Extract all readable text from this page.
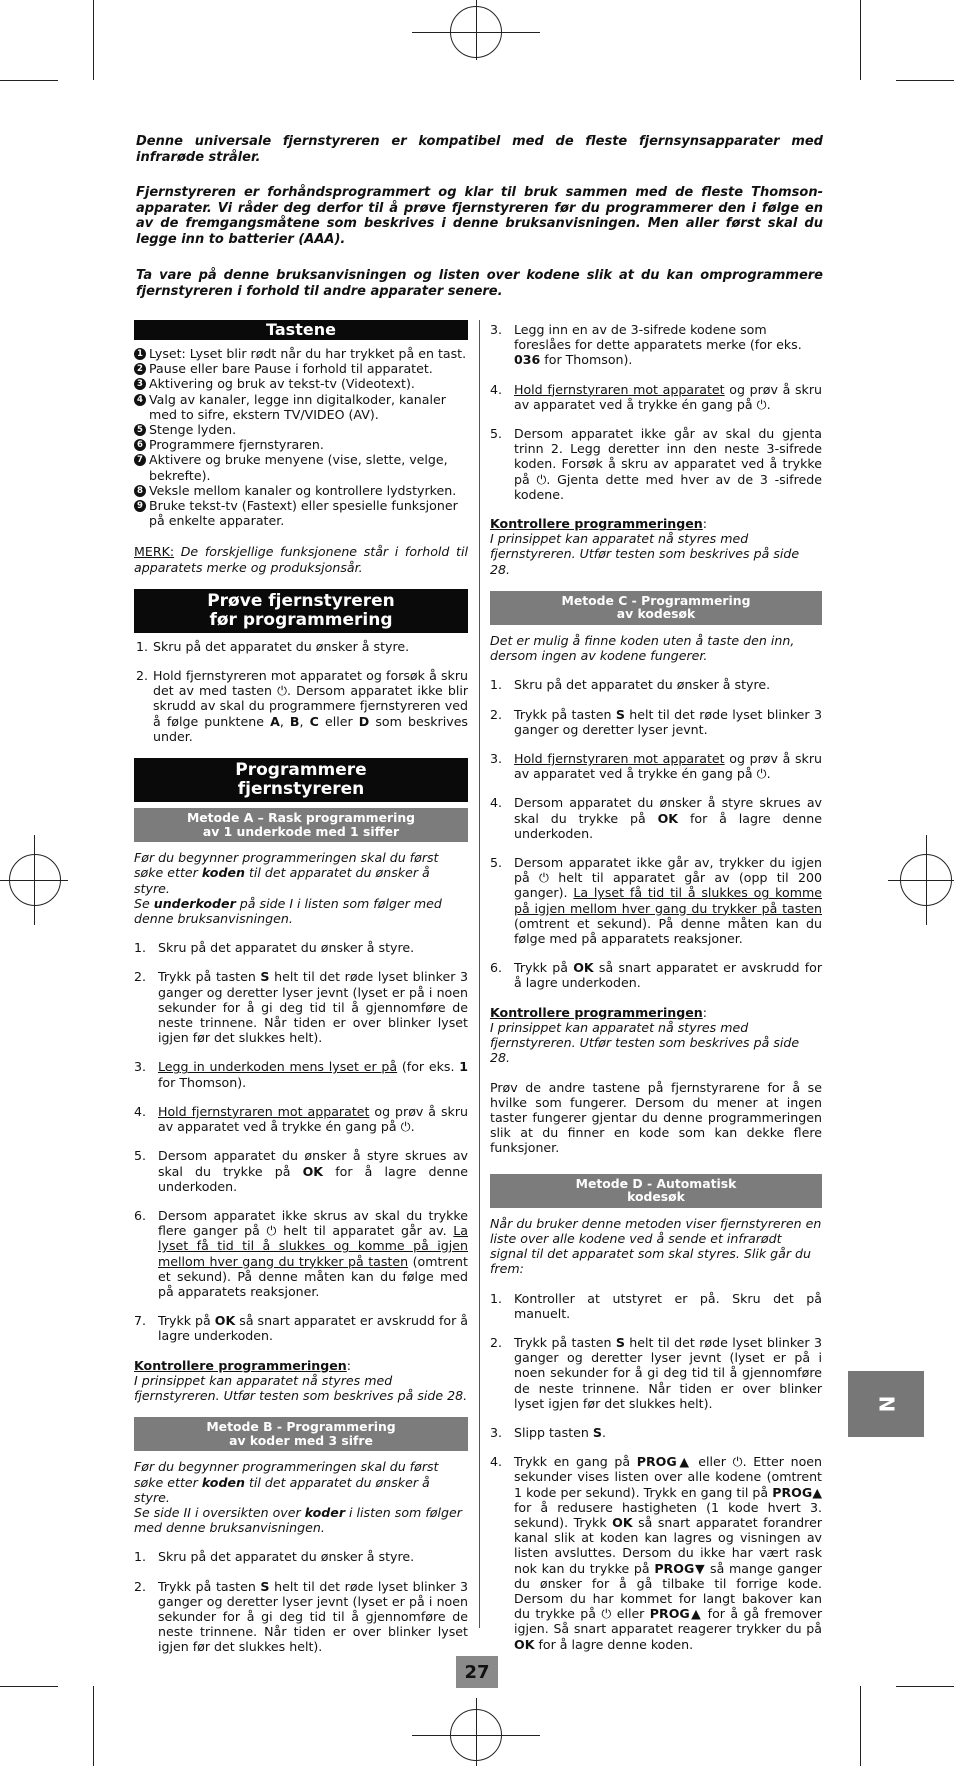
Denne universale fjernstyreren er kompatibel med de fleste fjernsynsapparater med infrarøde stråler.

Fjernstyreren er forhåndsprogrammert og klar til bruk sammen med de fleste Thomson-apparater. Vi råder deg derfor til å prøve fjernstyreren før du programmerer den i følge en av de fremgangsmåtene som beskrives i denne bruksanvisningen. Men aller først skal du legge inn to batterier (AAA).

Ta vare på denne bruksanvisningen og listen over kodene slik at du kan omprogrammere fjernstyreren i forhold til andre apparater senere.

Tastene
1 Lyset: Lyset blir rødt når du har trykket på en tast.
2 Pause eller bare Pause i forhold til apparatet.
3 Aktivering og bruk av tekst-tv (Videotext).
4 Valg av kanaler, legge inn digitalkoder, kanaler med to sifre, ekstern TV/VIDEO (AV).
5 Stenge lyden.
6 Programmere fjernstyraren.
7 Aktivere og bruke menyene (vise, slette, velge, bekrefte).
8 Veksle mellom kanaler og kontrollere lydstyrken.
9 Bruke tekst-tv (Fastext) eller spesielle funksjoner på enkelte apparater.

MERK: De forskjellige funksjonene står i forhold til apparatets merke og produksjonsår.

Prøve fjernstyreren
før programmering
1. Skru på det apparatet du ønsker å styre.
2. Hold fjernstyreren mot apparatet og forsøk å skru det av med tasten ⏻. Dersom apparatet ikke blir skrudd av skal du programmere fjernstyreren ved å følge punktene A, B, C eller D som beskrives under.
Programmere
fjernstyreren
Metode A – Rask programmering
av 1 underkode med 1 siffer

Før du begynner programmeringen skal du først søke etter koden til det apparatet du ønsker å styre.
Se underkoder på side I i listen som følger med denne bruksanvisningen.

1. Skru på det apparatet du ønsker å styre.
2. Trykk på tasten S helt til det røde lyset blinker 3 ganger og deretter lyser jevnt (lyset er på i noen sekunder for å gi deg tid til å gjennomføre de neste trinnene. Når tiden er over blinker lyset igjen før det slukkes helt).
3. Legg in underkoden mens lyset er på (for eks. 1 for Thomson).
4. Hold fjernstyraren mot apparatet og prøv å skru av apparatet ved å trykke én gang på ⏻.
5. Dersom apparatet du ønsker å styre skrues av skal du trykke på OK for å lagre denne underkoden.
6. Dersom apparatet ikke skrus av skal du trykke flere ganger på ⏻ helt til apparatet går av. La lyset få tid til å slukkes og komme på igjen mellom hver gang du trykker på tasten (omtrent et sekund). På denne måten kan du følge med på apparatets reaksjoner.
7. Trykk på OK så snart apparatet er avskrudd for å lagre underkoden.
Kontrollere programmeringen:
I prinsippet kan apparatet nå styres med fjernstyreren. Utfør testen som beskrives på side 28.
Metode B - Programmering
av koder med 3 sifre

Før du begynner programmeringen skal du først søke etter koden til det apparatet du ønsker å styre.
Se side II i oversikten over koder i listen som følger med denne bruksanvisningen.

1. Skru på det apparatet du ønsker å styre.
2. Trykk på tasten S helt til det røde lyset blinker 3 ganger og deretter lyser jevnt (lyset er på i noen sekunder for å gi deg tid til å gjennomføre de neste trinnene. Når tiden er over blinker lyset igjen før det slukkes helt).
3. Legg inn en av de 3-sifrede kodene som foreslåes for dette apparatets merke (for eks. 036 for Thomson).
4. Hold fjernstyraren mot apparatet og prøv å skru av apparatet ved å trykke én gang på ⏻.
5. Dersom apparatet ikke går av skal du gjenta trinn 2. Legg deretter inn den neste 3-sifrede koden. Forsøk å skru av apparatet ved å trykke på ⏻. Gjenta dette med hver av de 3 -sifrede kodene.
Kontrollere programmeringen:
I prinsippet kan apparatet nå styres med fjernstyreren. Utfør testen som beskrives på side 28.
Metode C - Programmering
av kodesøk

Det er mulig å finne koden uten å taste den inn, dersom ingen av kodene fungerer.

1. Skru på det apparatet du ønsker å styre.
2. Trykk på tasten S helt til det røde lyset blinker 3 ganger og deretter lyser jevnt.
3. Hold fjernstyraren mot apparatet og prøv å skru av apparatet ved å trykke én gang på ⏻.
4. Dersom apparatet du ønsker å styre skrues av skal du trykke på OK for å lagre denne underkoden.
5. Dersom apparatet ikke går av, trykker du igjen på ⏻ helt til apparatet går av (opp til 200 ganger). La lyset få tid til å slukkes og komme på igjen mellom hver gang du trykker på tasten (omtrent et sekund). På denne måten kan du følge med på apparatets reaksjoner.
6. Trykk på OK så snart apparatet er avskrudd for å lagre underkoden.
Kontrollere programmeringen:
I prinsippet kan apparatet nå styres med fjernstyreren. Utfør testen som beskrives på side 28.

Prøv de andre tastene på fjernstyrarene for å se hvilke som fungerer. Dersom du mener at ingen taster fungerer gjentar du denne programmeringen slik at du finner en kode som kan dekke flere funksjoner.

Metode D - Automatisk
kodesøk

Når du bruker denne metoden viser fjernstyreren en liste over alle kodene ved å sende et infrarødt signal til det apparatet som skal styres. Slik går du frem:

1. Kontroller at utstyret er på. Skru det på manuelt.
2. Trykk på tasten S helt til det røde lyset blinker 3 ganger og deretter lyser jevnt (lyset er på i noen sekunder for å gi deg tid til å gjennomføre de neste trinnene. Når tiden er over blinker lyset igjen før det slukkes helt).
3. Slipp tasten S.
4. Trykk en gang på PROG▲ eller ⏻. Etter noen sekunder vises listen over alle kodene (omtrent 1 kode per sekund). Trykk en gang til på PROG▲ for å redusere hastigheten (1 kode hvert 3. sekund). Trykk OK så snart apparatet forandrer kanal slik at koden kan lagres og visningen av listen avsluttes. Dersom du ikke har vært rask nok kan du trykke på PROG▼ så mange ganger du ønsker for å gå tilbake til forrige kode. Dersom du har kommet for langt bakover kan du trykke på ⏻ eller PROG▲ for å gå fremover igjen. Så snart apparatet reagerer trykker du på OK for å lagre denne koden.
N
27
